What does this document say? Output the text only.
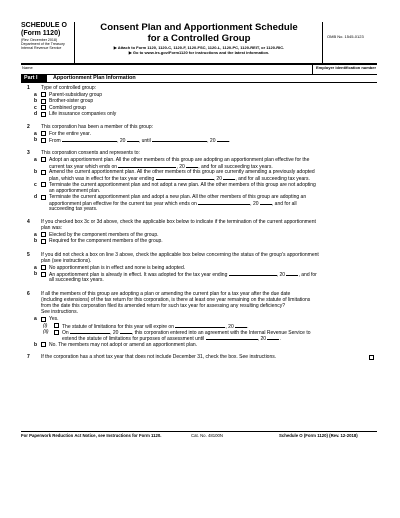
SCHEDULE O
(Form 1120)
(Rev. December 2018)
Department of the Treasury
Internal Revenue Service
Consent Plan and Apportionment Schedule
for a Controlled Group
▶ Attach to Form 1120, 1120-C, 1120-F, 1120-FSC, 1120-L, 1120-PC, 1120-REIT, or 1120-RIC.
▶ Go to www.irs.gov/Form1120 for instructions and the latest information.
OMB No. 1545-0123
Name	Employer identification number
Part I	Apportionment Plan Information
1 Type of controlled group:
a Parent-subsidiary group
b Brother-sister group
c Combined group
d Life insurance companies only
2 This corporation has been a member of this group:
a For the entire year.
b From	, 20	, until	, 20	.
3 This corporation consents and represents to:
a Adopt an apportionment plan. All the other members of this group are adopting an apportionment plan effective for the
current tax year which ends on	, 20	, and for all succeeding tax years.
b Amend the current apportionment plan. All the other members of this group are currently amending a previously adopted
plan, which was in effect for the tax year ending	, 20	, and for all succeeding tax years.
c Terminate the current apportionment plan and not adopt a new plan. All the other members of this group are not adopting
an apportionment plan.
d Terminate the current apportionment plan and adopt a new plan. All the other members of this group are adopting an
apportionment plan effective for the current tax year which ends on	, 20	, and for all
succeeding tax years.
4 If you checked box 3c or 3d above, check the applicable box below to indicate if the termination of the current apportionment
plan was:
a Elected by the component members of the group.
b Required for the component members of the group.
5 If you did not check a box on line 3 above, check the applicable box below concerning the status of the group's apportionment
plan (see instructions).
a No apportionment plan is in effect and none is being adopted.
b An apportionment plan is already in effect. It was adopted for the tax year ending	, 20	, and for
all succeeding tax years.
6 If all the members of this group are adopting a plan or amending the current plan for a tax year after the due date
(including extensions) of the tax return for this corporation, is there at least one year remaining on the statute of limitations
from the date this corporation filed its amended return for such tax year for assessing any resulting deficiency?
See instructions.
a Yes.
(i)	The statute of limitations for this year will expire on	, 20	.
(ii)	On	, 20	, this corporation entered into an agreement with the Internal Revenue Service to
extend the statute of limitations for purposes of assessment until	, 20	.
b No. The members may not adopt or amend an apportionment plan.
7 If the corporation has a short tax year that does not include December 31, check the box. See instructions.
For Paperwork Reduction Act Notice, see Instructions for Form 1120.	Cat. No. 48100N	Schedule O (Form 1120) (Rev. 12-2018)
